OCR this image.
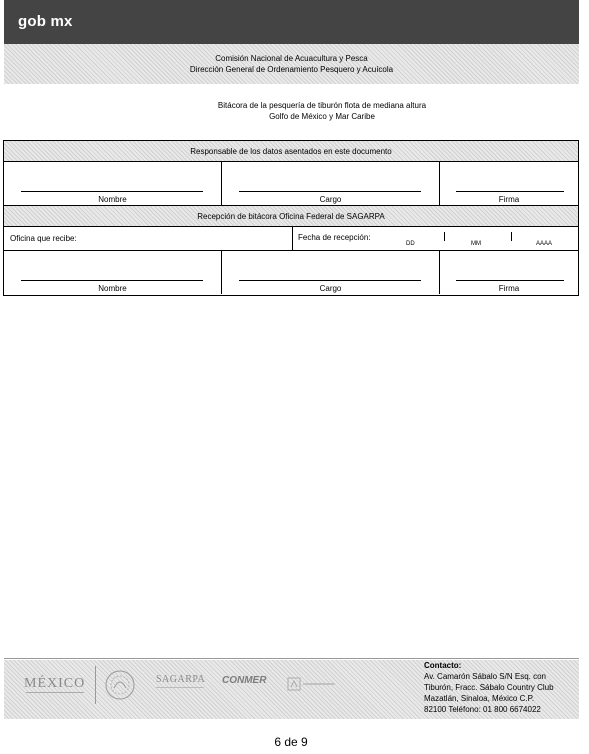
gob mx
Comisión Nacional de Acuacultura y Pesca
Dirección General de Ordenamiento Pesquero y Acuícola
Bitácora de la pesquería de tiburón flota de mediana altura
Golfo de México y Mar Caribe
Responsable de los datos asentados en este documento
Nombre	Cargo	Firma
Recepción de bitácora Oficina Federal de SAGARPA
Oficina que recibe:	Fecha de recepción:
DD	MM	AAAA
Nombre	Cargo	Firma
MÉXICO	SAGARPA CONMER
Contacto:
Av. Camarón Sábalo S/N Esq. con
Tiburón, Fracc. Sábalo Country Club
Mazatlán, Sinaloa, México C.P.
82100 Teléfono: 01 800 6674022
6 de 9
